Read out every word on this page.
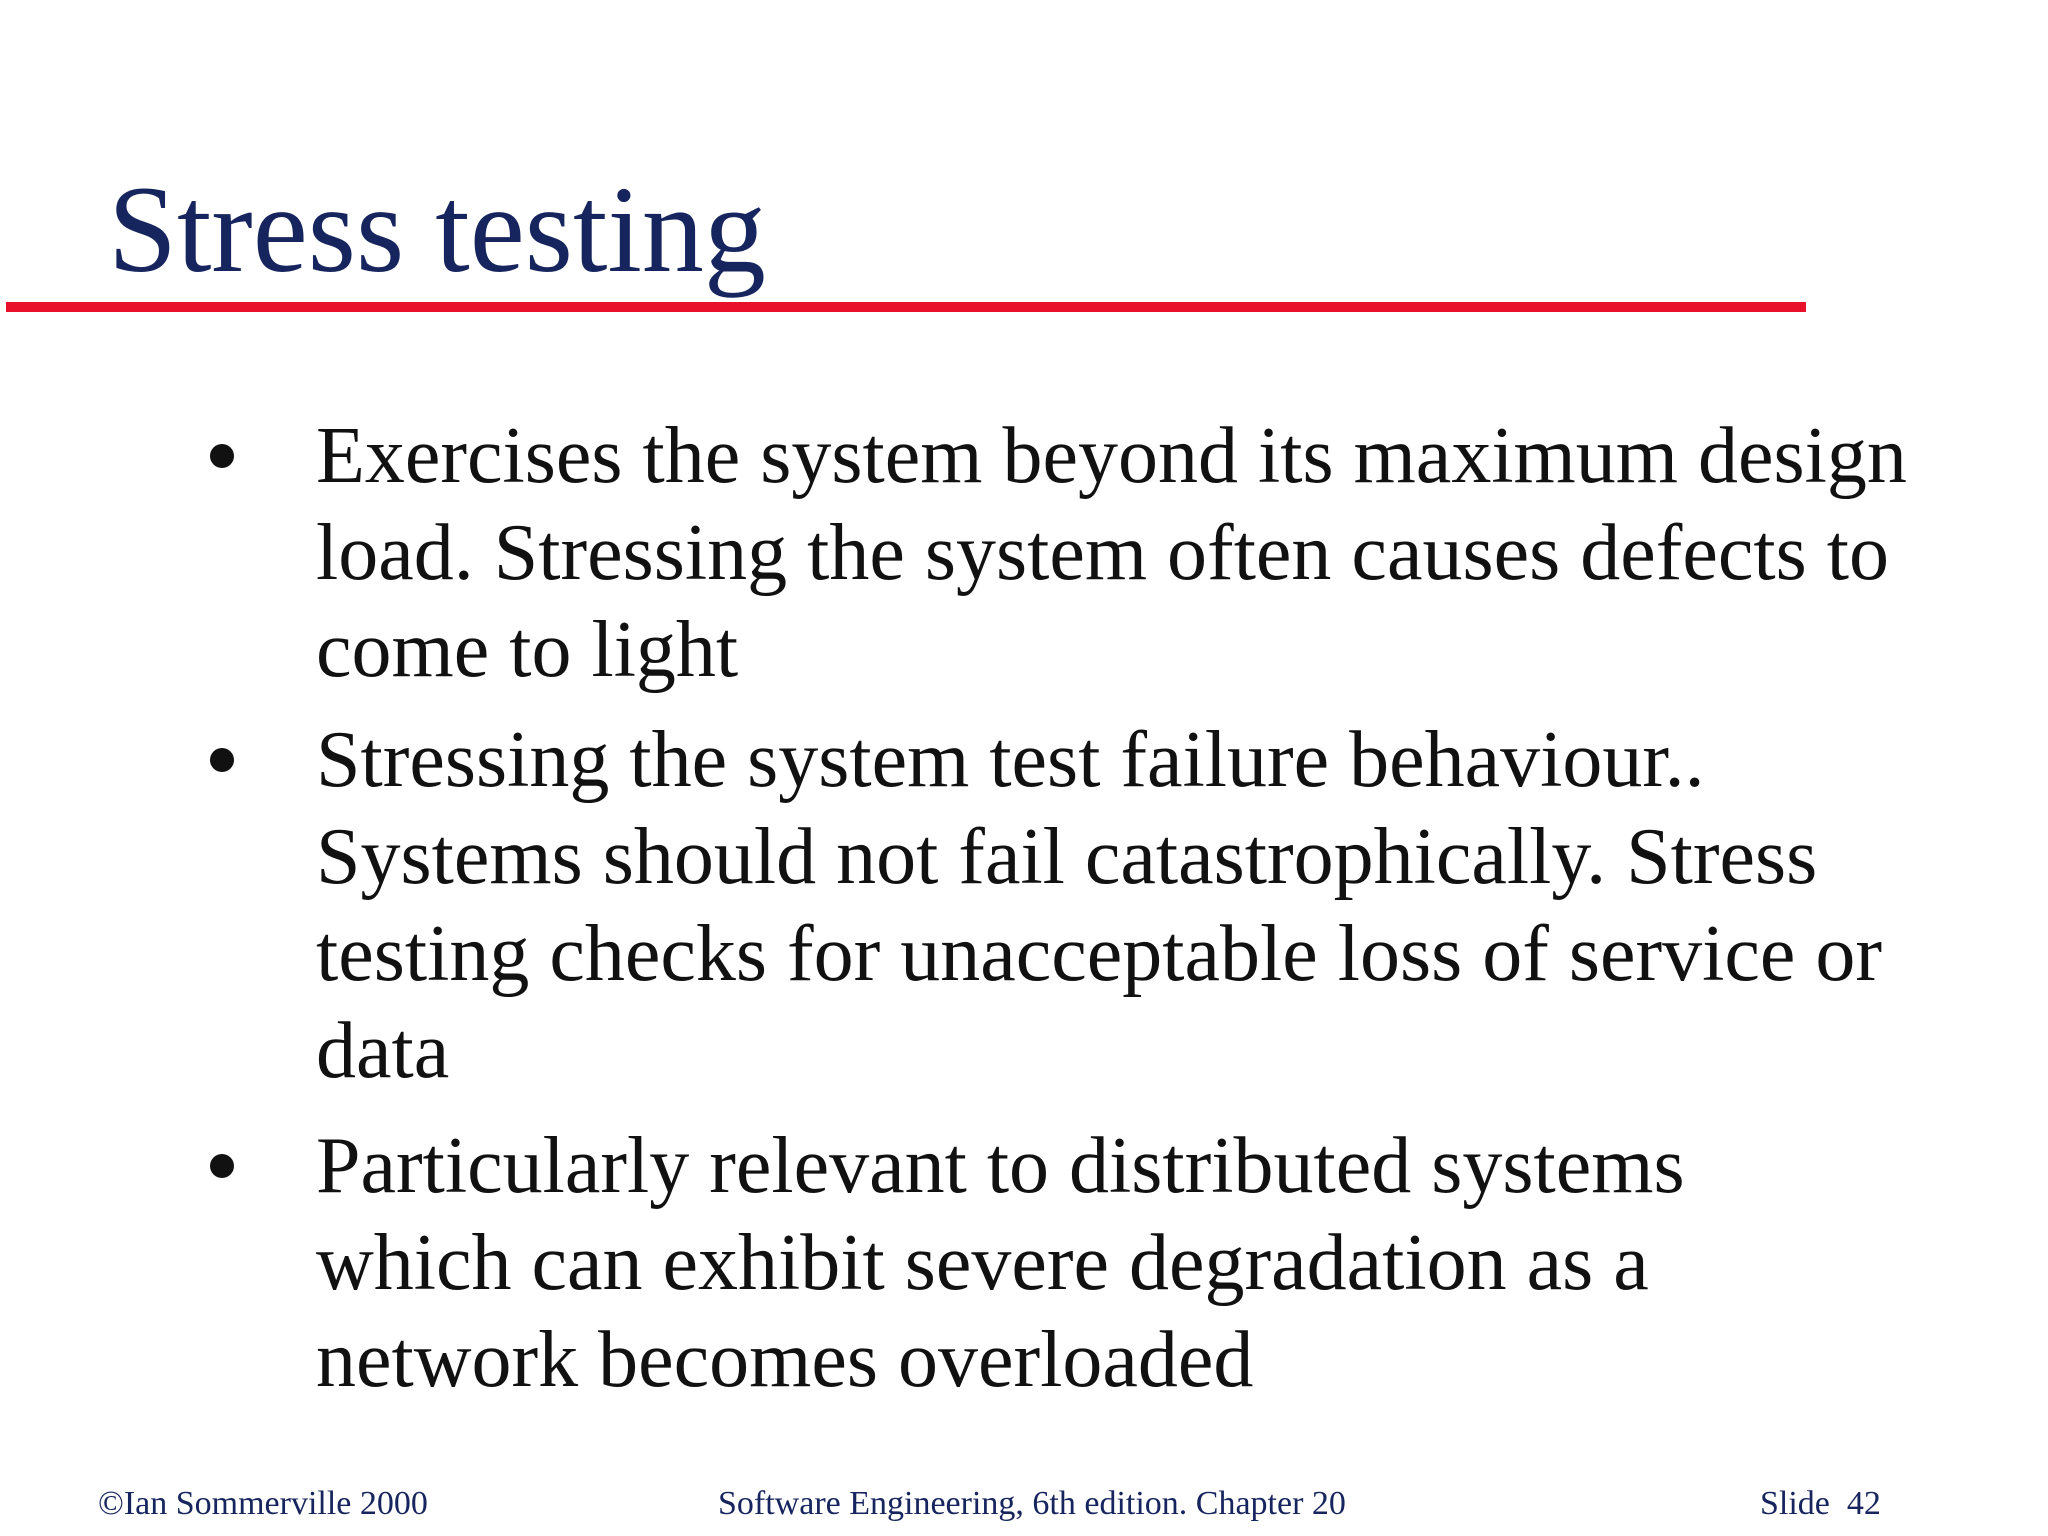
Stress testing
Exercises the system beyond its maximum design
load. Stressing the system often causes defects to
come to light
Stressing the system test failure behaviour..
Systems should not fail catastrophically. Stress
testing checks for unacceptable loss of service or
data
Particularly relevant to distributed systems
which can exhibit severe degradation as a
network becomes overloaded
©Ian Sommerville 2000	Software Engineering, 6th edition. Chapter 20	Slide  42
